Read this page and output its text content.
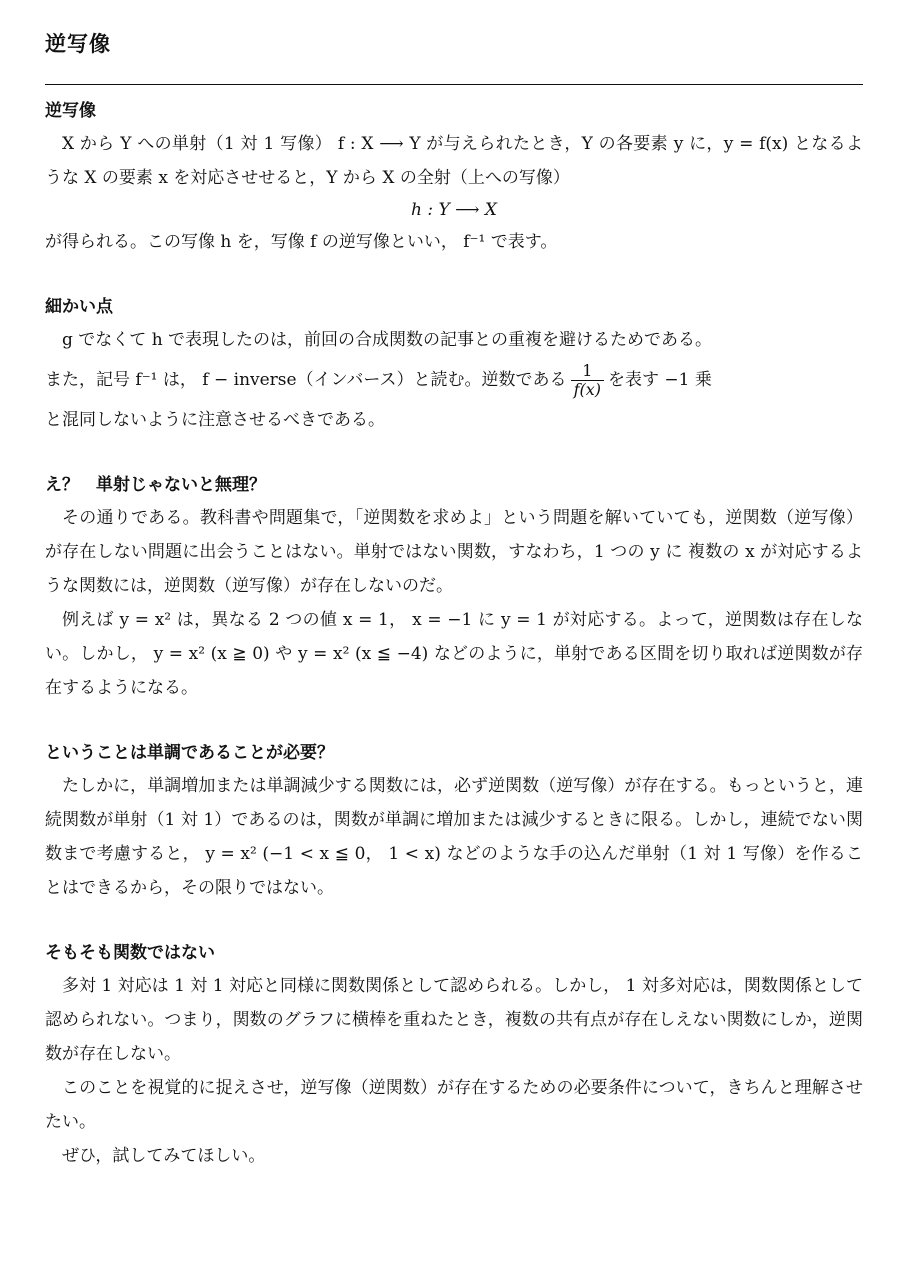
逆写像
逆写像

X から Y への単射（1 対 1 写像） f : X ⟶ Y が与えられたとき，Y の各要素 y に，y = f(x) となるような X の要素 x を対応させせると，Y から X の全射（上への写像）

h : Y ⟶ X

が得られる。この写像 h を，写像 f の逆写像といい， f⁻¹ で表す。

細かい点

g でなくて h で表現したのは，前回の合成関数の記事との重複を避けるためである。

また，記号 f⁻¹ は， f − inverse（インバース）と読む。逆数である $\frac{1}{f(x)}$ を表す −1 乗

と混同しないように注意させるべきである。

え？　単射じゃないと無理？

その通りである。教科書や問題集で，「逆関数を求めよ」という問題を解いていても，逆関数（逆写像）が存在しない問題に出会うことはない。単射ではない関数，すなわち，1 つの y に 複数の x が対応するような関数には，逆関数（逆写像）が存在しないのだ。

例えば y = x² は，異なる 2 つの値 x = 1， x = −1 に y = 1 が対応する。よって，逆関数は存在しない。しかし， y = x² (x ≧ 0) や y = x² (x ≦ −4) などのように，単射である区間を切り取れば逆関数が存在するようになる。

ということは単調であることが必要？

たしかに，単調増加または単調減少する関数には，必ず逆関数（逆写像）が存在する。もっというと，連続関数が単射（1 対 1）であるのは，関数が単調に増加または減少するときに限る。しかし，連続でない関数まで考慮すると， y = x² (−1 < x ≦ 0， 1 < x) などのような手の込んだ単射（1 対 1 写像）を作ることはできるから，その限りではない。

そもそも関数ではない

多対 1 対応は 1 対 1 対応と同様に関数関係として認められる。しかし， 1 対多対応は，関数関係として認められない。つまり，関数のグラフに横棒を重ねたとき，複数の共有点が存在しえない関数にしか，逆関数が存在しない。

このことを視覚的に捉えさせ，逆写像（逆関数）が存在するための必要条件について，きちんと理解させたい。

ぜひ，試してみてほしい。
